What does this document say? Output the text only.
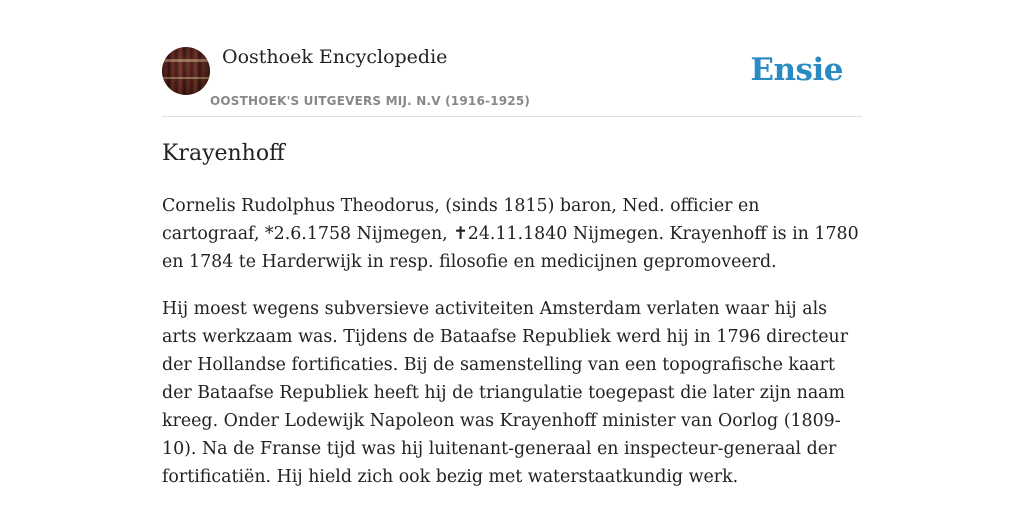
Oosthoek Encyclopedie
OOSTHOEK'S UITGEVERS MIJ. N.V (1916-1925)
Ensie
Krayenhoff

Cornelis Rudolphus Theodorus, (sinds 1815) baron, Ned. officier en cartograaf, *2.6.1758 Nijmegen, ✝24.11.1840 Nijmegen. Krayenhoff is in 1780 en 1784 te Harderwijk in resp. filosofie en medicijnen gepromoveerd.

Hij moest wegens subversieve activiteiten Amsterdam verlaten waar hij als arts werkzaam was. Tijdens de Bataafse Republiek werd hij in 1796 directeur der Hollandse fortificaties. Bij de samenstelling van een topografische kaart der Bataafse Republiek heeft hij de triangulatie toegepast die later zijn naam kreeg. Onder Lodewijk Napoleon was Krayenhoff minister van Oorlog (1809-10). Na de Franse tijd was hij luitenant-generaal en inspecteur-generaal der fortificatiën. Hij hield zich ook bezig met waterstaatkundig werk.
